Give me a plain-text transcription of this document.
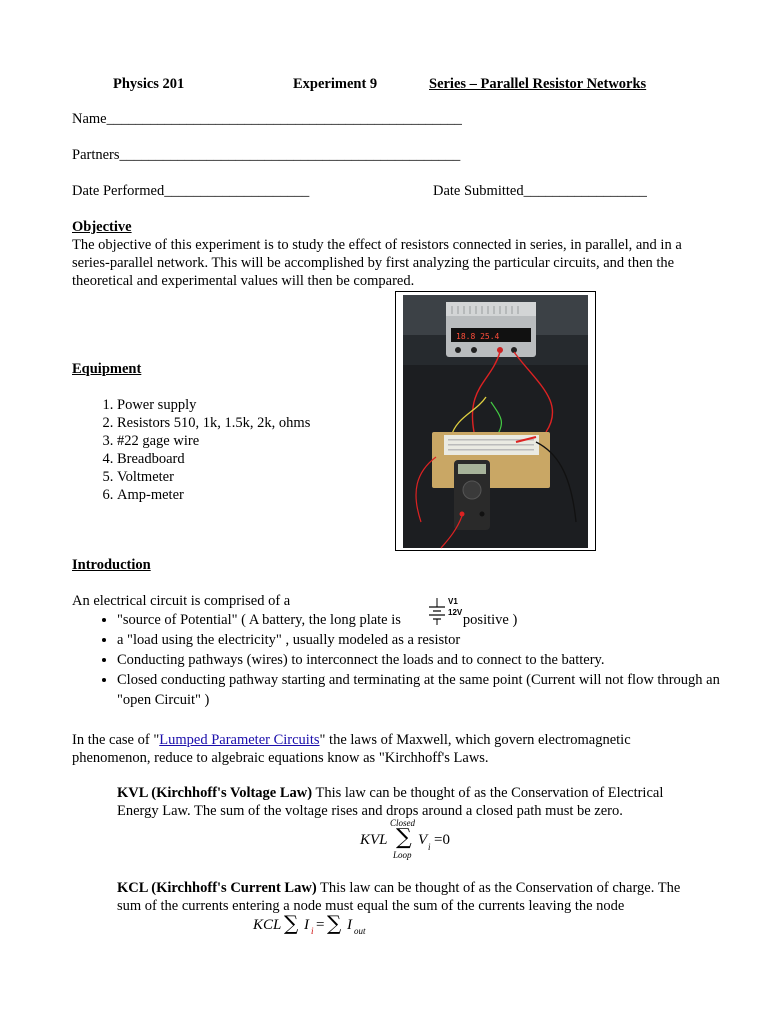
Physics 201	Experiment 9	Series – Parallel Resistor Networks
Name_________________________________________________
Partners_______________________________________________
Date Performed____________________	Date Submitted_________________
Objective
The objective of this experiment is to study the effect of resistors connected in series, in parallel, and in a series-parallel network. This will be accomplished by first analyzing the particular circuits, and then the theoretical and experimental values will then be compared.
Equipment
1. Power supply
2. Resistors 510, 1k, 1.5k, 2k, ohms
3. #22 gage wire
4. Breadboard
5. Voltmeter
6. Amp-meter
18.8 25.4
Introduction
An electrical circuit is comprised of a	V1
12V
• "source of Potential" ( A battery, the long plate is	positive )
• a "load using the electricity" , usually modeled as a resistor
• Conducting pathways (wires) to interconnect the loads and to connect to the battery.
• Closed conducting pathway starting and terminating at the same point (Current will not flow through an "open Circuit" )
In the case of "Lumped Parameter Circuits" the laws of Maxwell, which govern electromagnetic phenomenon, reduce to algebraic equations know as "Kirchhoff's Laws.
KVL (Kirchhoff's Voltage Law) This law can be thought of as the Conservation of Electrical Energy Law. The sum of the voltage rises and drops around a closed path must be zero.
KVL
Closed
∑
Loop
V i =0
KCL (Kirchhoff's Current Law) This law can be thought of as the Conservation of charge. The sum of the currents entering a node must equal the sum of the currents leaving the node
KCL ∑ I i = ∑ I out
